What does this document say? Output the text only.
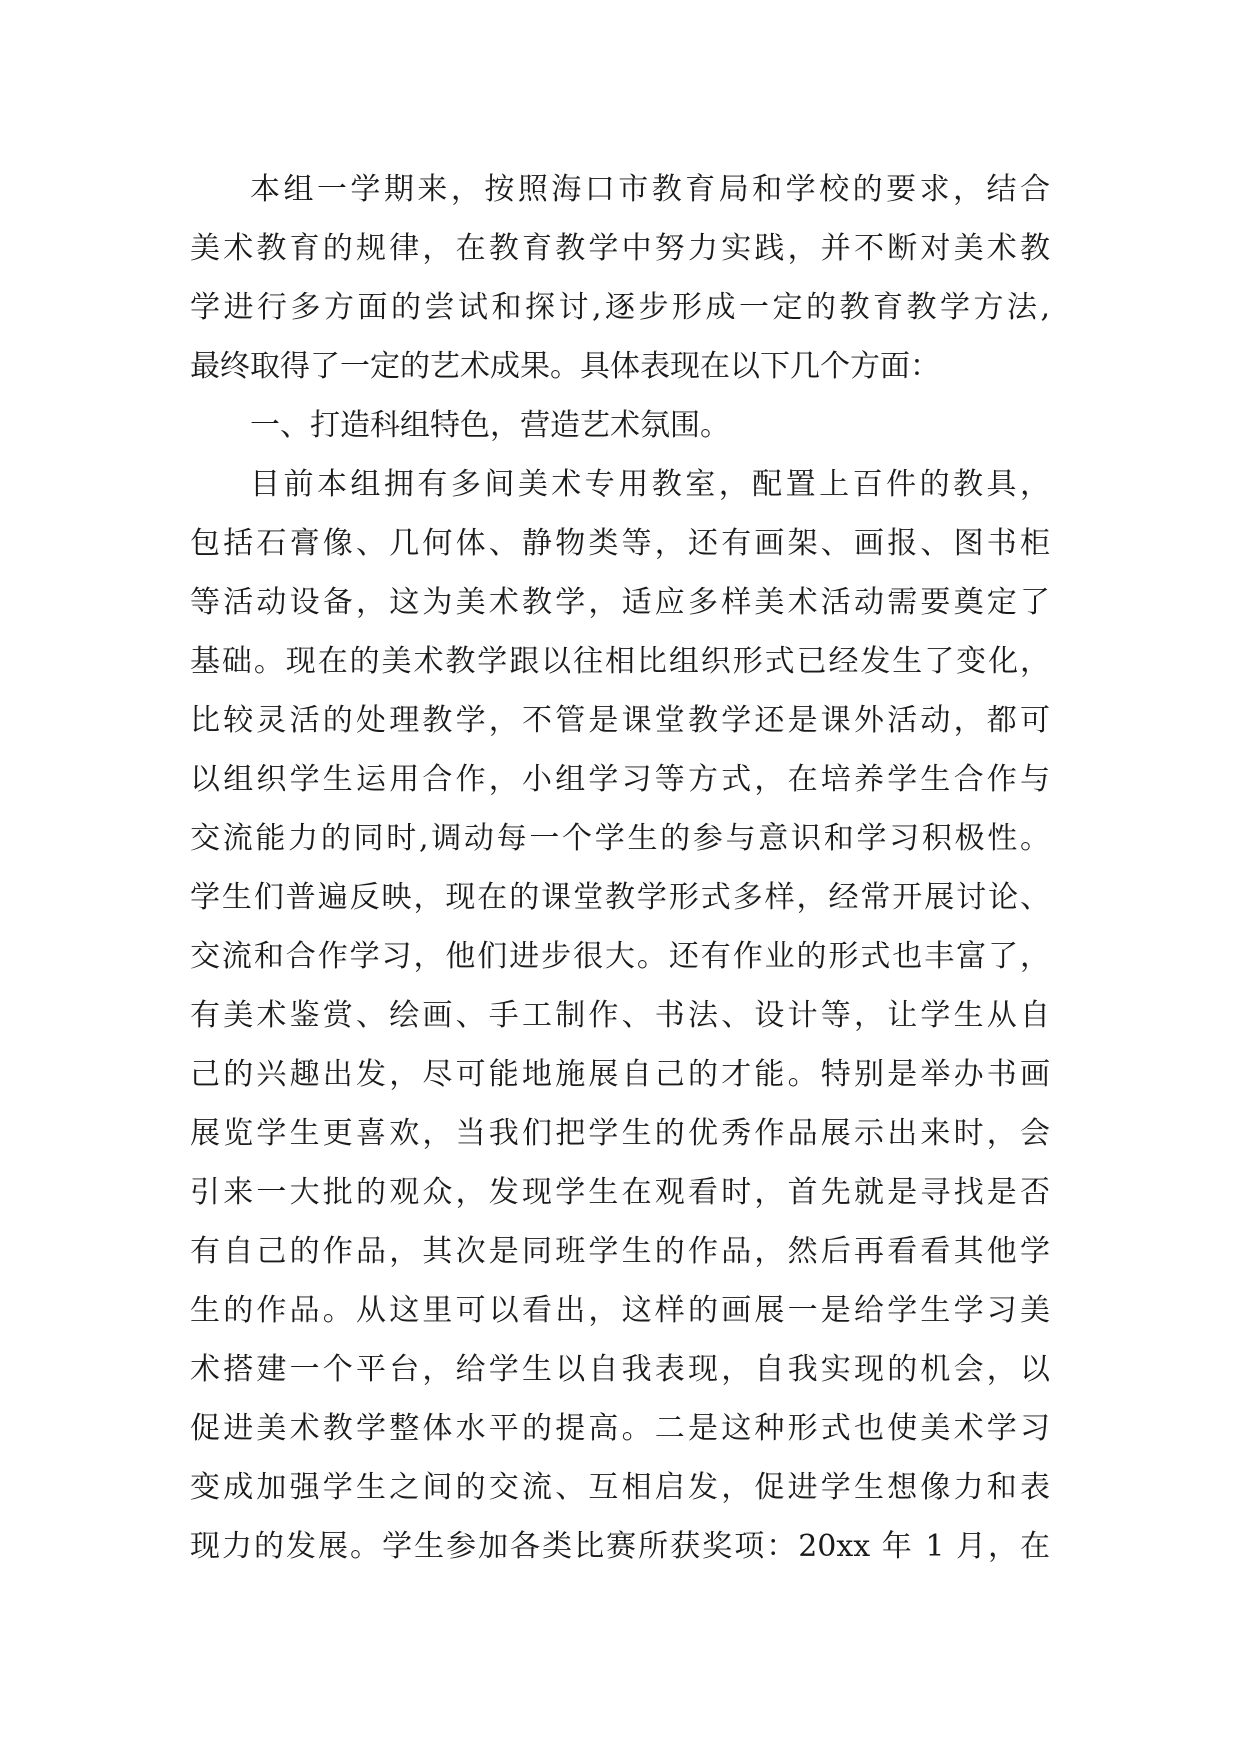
本组一学期来，按照海口市教育局和学校的要求，结合
美术教育的规律，在教育教学中努力实践，并不断对美术教
学进行多方面的尝试和探讨,逐步形成一定的教育教学方法,
最终取得了一定的艺术成果。具体表现在以下几个方面：
一、打造科组特色，营造艺术氛围。
目前本组拥有多间美术专用教室，配置上百件的教具，
包括石膏像、几何体、静物类等，还有画架、画报、图书柜
等活动设备，这为美术教学，适应多样美术活动需要奠定了
基础。现在的美术教学跟以往相比组织形式已经发生了变化，
比较灵活的处理教学，不管是课堂教学还是课外活动，都可
以组织学生运用合作，小组学习等方式，在培养学生合作与
交流能力的同时,调动每一个学生的参与意识和学习积极性。
学生们普遍反映，现在的课堂教学形式多样，经常开展讨论、
交流和合作学习，他们进步很大。还有作业的形式也丰富了，
有美术鉴赏、绘画、手工制作、书法、设计等，让学生从自
己的兴趣出发，尽可能地施展自己的才能。特别是举办书画
展览学生更喜欢，当我们把学生的优秀作品展示出来时，会
引来一大批的观众，发现学生在观看时，首先就是寻找是否
有自己的作品，其次是同班学生的作品，然后再看看其他学
生的作品。从这里可以看出，这样的画展一是给学生学习美
术搭建一个平台，给学生以自我表现，自我实现的机会，以
促进美术教学整体水平的提高。二是这种形式也使美术学习
变成加强学生之间的交流、互相启发，促进学生想像力和表
现力的发展。学生参加各类比赛所获奖项：20xx 年 1 月，在
